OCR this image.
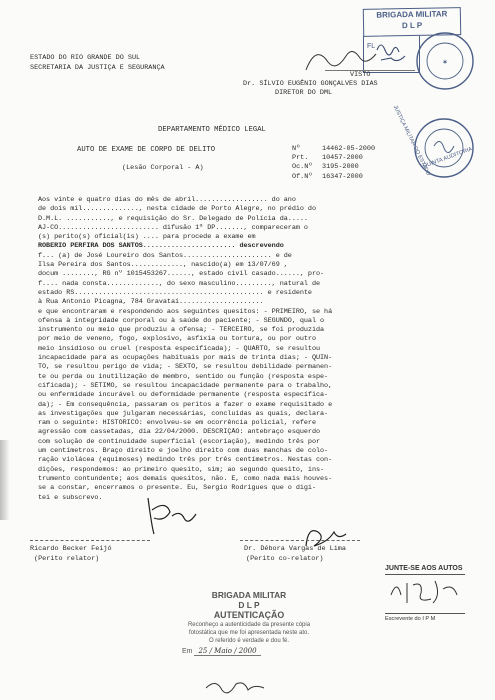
ESTADO DO RIO GRANDE DO SUL
SECRETARIA DA JUSTIÇA E SEGURANÇA
BRIGADA MILITAR
D L P
FL
✶
VISTO
Dr. SÍLVIO EUGÊNIO GONÇALVES DIAS
DIRETOR DO DML
QUINTA AUDITORIA
JUSTIÇA MILITAR DO ESTADO
DEPARTAMENTO MÉDICO LEGAL
AUTO DE EXAME DE CORPO DE DELITO
(Lesão Corporal - A)
Nº	14462-05-2000
Prt. 10457-2000
Oc.Nº 3195-2000
Of.Nº 16347-2000
Aos vinte e quatro dias do mês de abril.................. do ano
de dois mil.............., nesta cidade de Porto Alegre, no prédio do
D.M.L. ..........., e requisição do Sr. Delegado de Polícia da.....
AJ-CO......................... difusão 1ª DP......., compareceram o
(s) perito(s) oficial(is) .... para procede a exame em
ROBERIO PERFIRA DOS SANTOS....................... descrevendo
f... (a) de José Loureiro dos Santos...................... e de
Ilsa Pereira dos Santos............., nascido(a) em 13/07/69 ,
docum ........, RG nº 1015453267......, estado civil casado......, pro-
f.... nada consta............., do sexo masculino........., natural de
estado RS............................................... e residente
à Rua Antonio Picagna, 784 Gravataí.....................
e que encontraram e respondendo aos seguintes quesitos: - PRIMEIRO, se há
ofensa à integridade corporal ou à saúde do paciente; - SEGUNDO, qual o
instrumento ou meio que produziu a ofensa; - TERCEIRO, se foi produzida
por meio de veneno, fogo, explosivo, asfixia ou tortura, ou por outro
meio insidioso ou cruel (resposta especificada); - QUARTO, se resultou
incapacidade para as ocupações habituais por mais de trinta dias; - QUIN-
TO, se resultou perigo de vida; - SEXTO, se resultou debilidade permanen-
te ou perda ou inutilização de membro, sentido ou função (resposta espe-
cificada); - SÉTIMO, se resultou incapacidade permanente para o trabalho,
ou enfermidade incurável ou deformidade permanente (resposta específica-
da); - Em consequência, passaram os peritos a fazer o exame requisitado e
as investigações que julgaram necessárias, concluídas as quais, declara-
ram o seguinte: HISTÓRICO: envolveu-se em ocorrência policial, refere
agressão com cassetadas, dia 22/04/2000. DESCRIÇÃO: antebraço esquerdo
com solução de continuidade superficial (escoriação), medindo três por
um centímetros. Braço direito e joelho direito com duas manchas de colo-
ração violácea (equimoses) medindo três por três centímetros. Nestas con-
dições, respondemos: ao primeiro quesito, sim; ao segundo quesito, ins-
trumento contundente; aos demais quesitos, não. E, como nada mais houves-
se a constar, encerramos o presente. Eu, Sergio Rodrigues que o digi-
tei e subscrevo.
Ricardo Becker Feijó
(Perito relator)
Dr. Débora Vargas de Lima
(Perito co-relator)
JUNTE-SE AOS AUTOS
Escrevente do I P M
BRIGADA MILITAR
D L P
AUTENTICAÇÃO
Reconheço a autenticidade da presente cópia
fotostática que me foi apresentada neste ato.
O referido é verdade e dou fé.
Em 25 / Maio / 2000
